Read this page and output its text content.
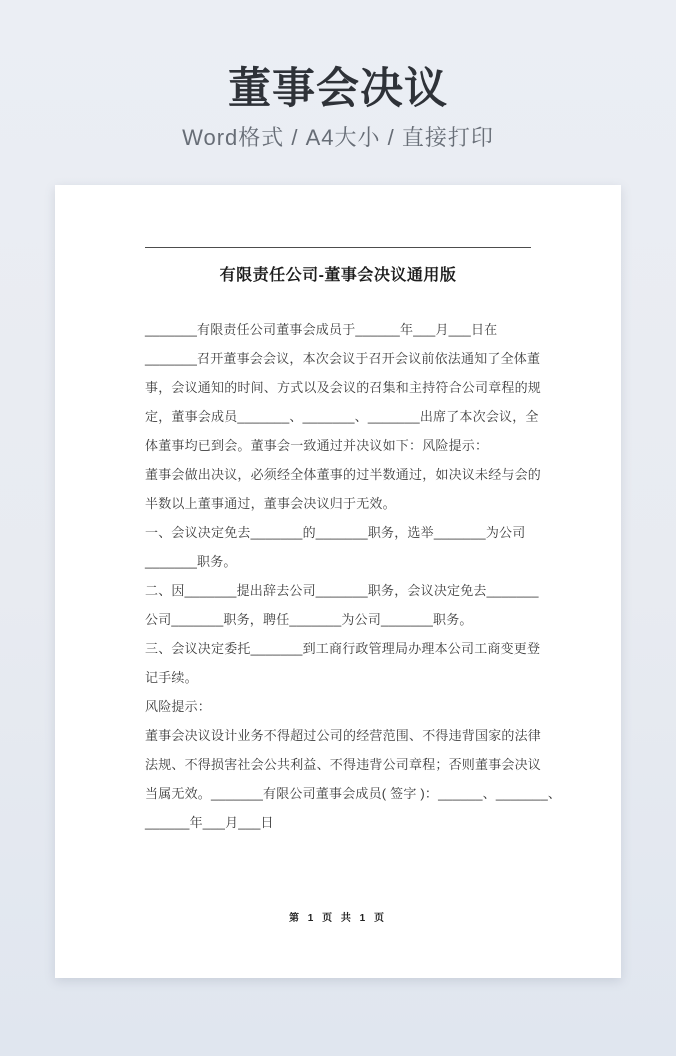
董事会决议
Word格式 / A4大小 / 直接打印
有限责任公司-董事会决议通用版
_______有限责任公司董事会成员于______年___月___日在
_______召开董事会会议，本次会议于召开会议前依法通知了全体董
事，会议通知的时间、方式以及会议的召集和主持符合公司章程的规
定，董事会成员_______、_______、_______出席了本次会议，全
体董事均已到会。董事会一致通过并决议如下：风险提示：
董事会做出决议，必须经全体董事的过半数通过，如决议未经与会的
半数以上董事通过，董事会决议归于无效。
一、会议决定免去_______的_______职务，选举_______为公司
_______职务。
二、因_______提出辞去公司_______职务，会议决定免去_______
公司_______职务，聘任_______为公司_______职务。
三、会议决定委托_______到工商行政管理局办理本公司工商变更登
记手续。
风险提示：
董事会决议设计业务不得超过公司的经营范围、不得违背国家的法律
法规、不得损害社会公共利益、不得违背公司章程；否则董事会决议
当属无效。_______有限公司董事会成员( 签字 )：______、_______、
______年___月___日
第 1 页 共 1 页
